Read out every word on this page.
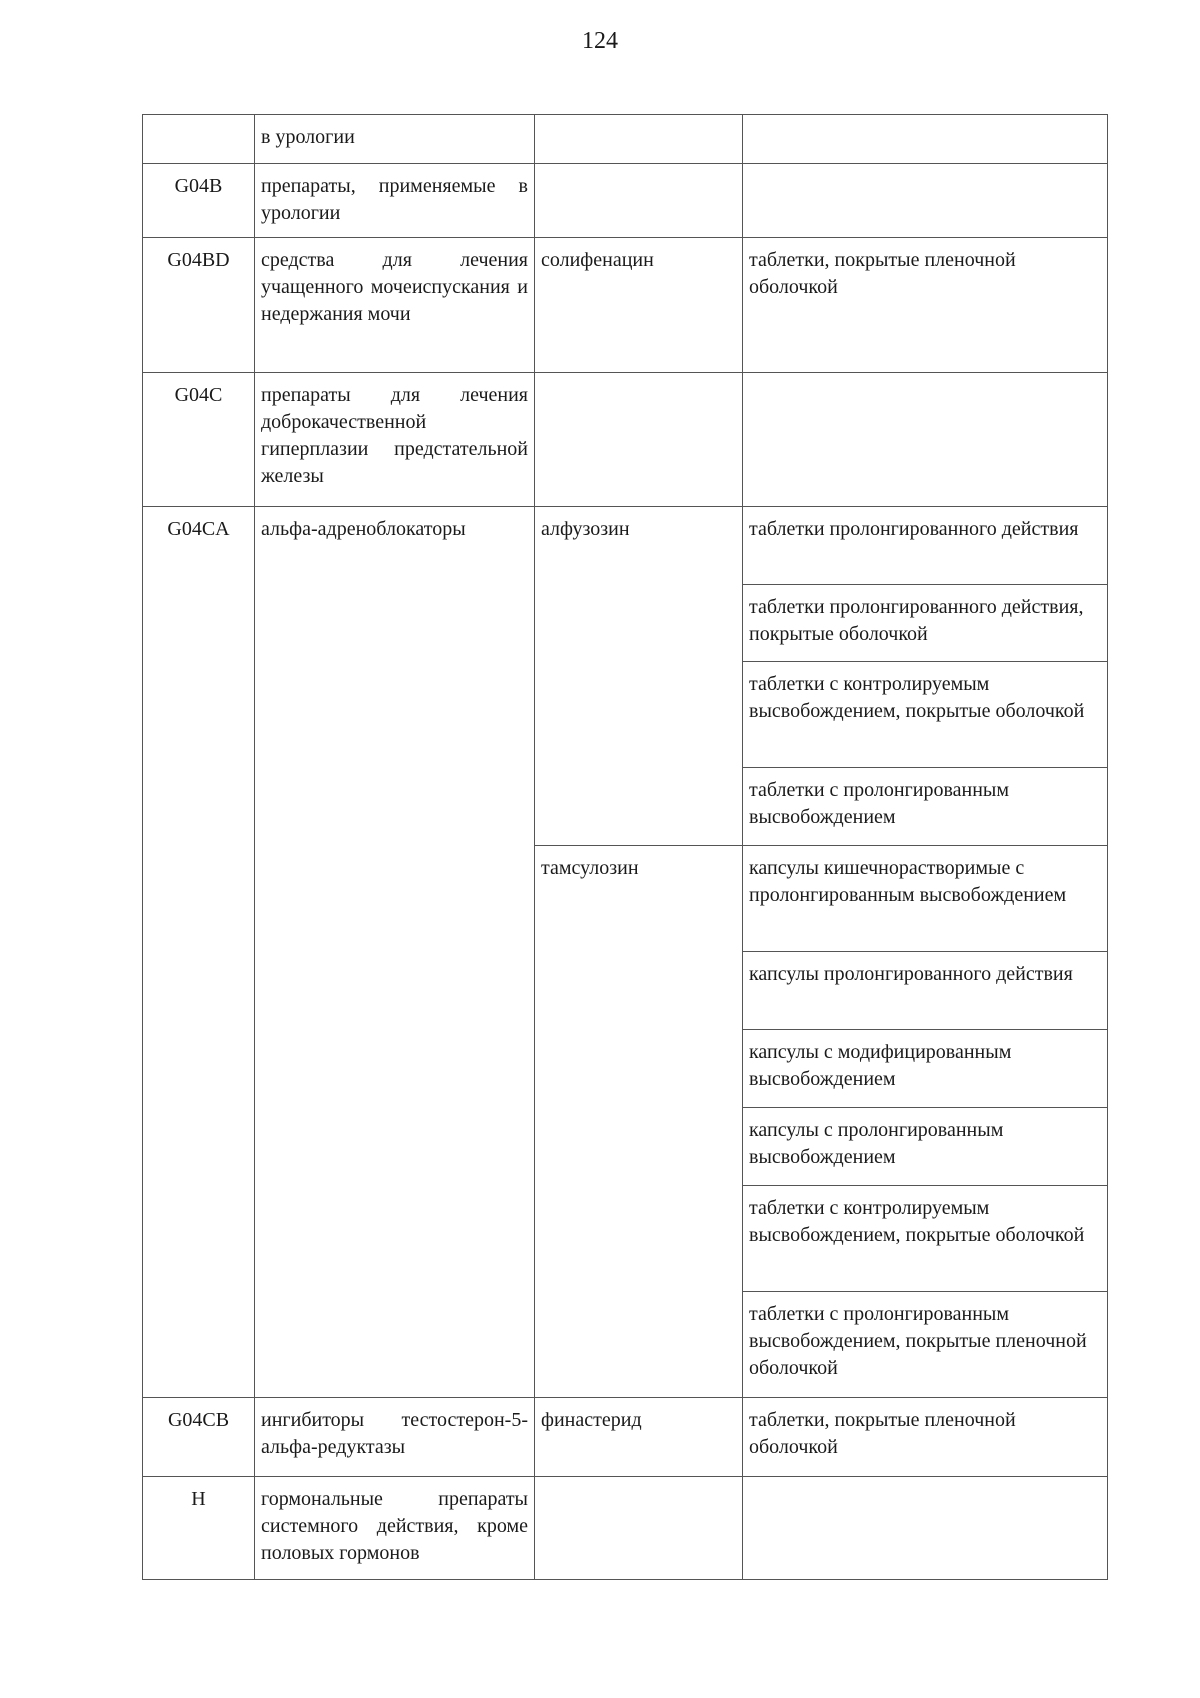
124
	в урологии		
G04B	препараты, применяемые в урологии		
G04BD	средства для лечения учащенного мочеиспускания и недержания мочи	солифенацин	таблетки, покрытые пленочной оболочкой
G04C	препараты для лечения доброкачественной гиперплазии предстательной железы		
G04CA	альфа-адреноблокаторы	алфузозин	таблетки пролонгированного действия
			таблетки пролонгированного действия, покрытые оболочкой
			таблетки с контролируемым высвобождением, покрытые оболочкой
			таблетки с пролонгированным высвобождением
		тамсулозин	капсулы кишечнорастворимые с пролонгированным высвобождением
			капсулы пролонгированного действия
			капсулы с модифицированным высвобождением
			капсулы с пролонгированным высвобождением
			таблетки с контролируемым высвобождением, покрытые оболочкой
			таблетки с пролонгированным высвобождением, покрытые пленочной оболочкой
G04CB	ингибиторы тестостерон-5-альфа-редуктазы	финастерид	таблетки, покрытые пленочной оболочкой
H	гормональные препараты системного действия, кроме половых гормонов		
